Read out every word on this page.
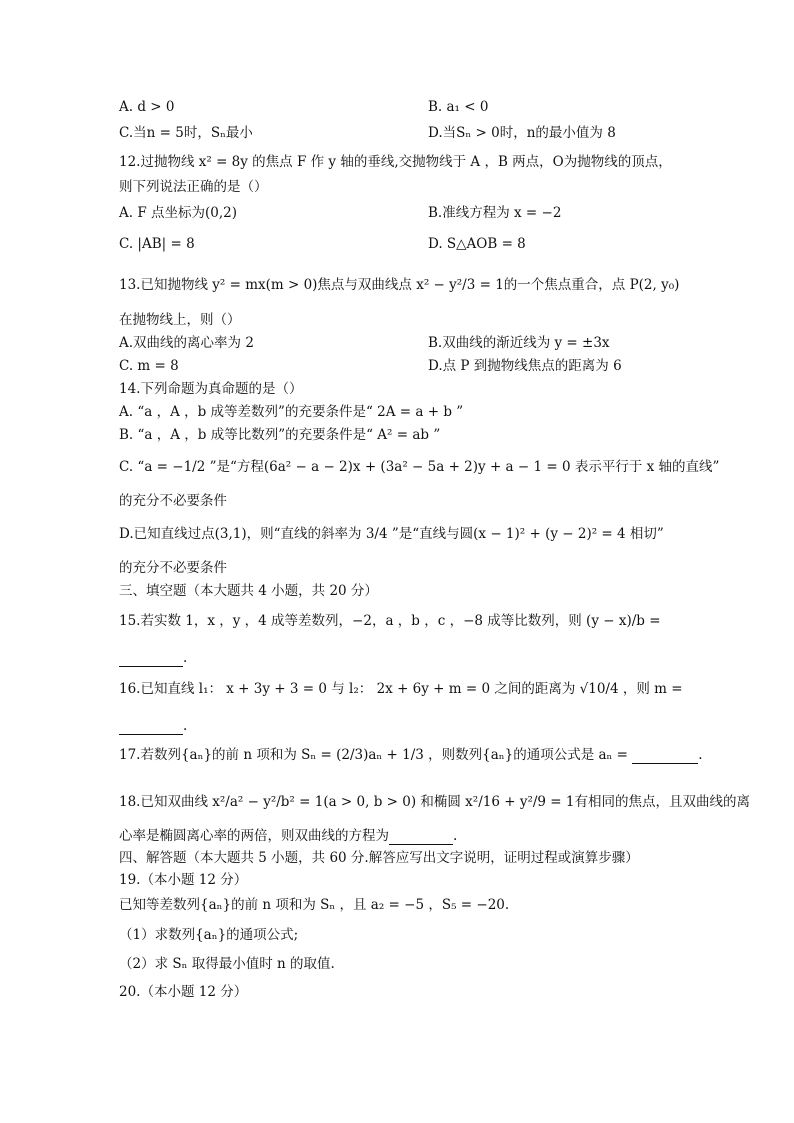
A. d > 0	B. a₁ < 0
C.当n = 5时，Sₙ最小	D.当Sₙ > 0时，n的最小值为 8
12.过抛物线 x² = 8y 的焦点 F 作 y 轴的垂线,交抛物线于 A ，B 两点，O为抛物线的顶点，
则下列说法正确的是（）
A. F 点坐标为(0,2)	B.准线方程为 x = −2
C. |AB| = 8	D. S△AOB = 8
13.已知抛物线 y² = mx(m > 0)焦点与双曲线点 x² − y²/3 = 1的一个焦点重合，点 P(2, y₀)
在抛物线上，则（）
A.双曲线的离心率为 2	B.双曲线的渐近线为 y = ±3x
C. m = 8	D.点 P 到抛物线焦点的距离为 6
14.下列命题为真命题的是（）
A. “a ，A ，b 成等差数列”的充要条件是“ 2A = a + b ”
B. “a ，A ，b 成等比数列”的充要条件是“ A² = ab ”
C. “a = −1/2 ”是“方程(6a² − a − 2)x + (3a² − 5a + 2)y + a − 1 = 0 表示平行于 x 轴的直线”
的充分不必要条件
D.已知直线过点(3,1)，则“直线的斜率为 3/4 ”是“直线与圆(x − 1)² + (y − 2)² = 4 相切”
的充分不必要条件
三、填空题（本大题共 4 小题，共 20 分）
15.若实数 1，x ，y ，4 成等差数列，−2，a ，b ，c ，−8 成等比数列，则 (y − x)/b =
.
16.已知直线 l₁： x + 3y + 3 = 0 与 l₂： 2x + 6y + m = 0 之间的距离为 √10/4 ，则 m =
.
17.若数列{aₙ}的前 n 项和为 Sₙ = (2/3)aₙ + 1/3 ，则数列{aₙ}的通项公式是 aₙ =	.
18.已知双曲线 x²/a² − y²/b² = 1(a > 0, b > 0) 和椭圆 x²/16 + y²/9 = 1有相同的焦点，且双曲线的离
心率是椭圆离心率的两倍，则双曲线的方程为	.
四、解答题（本大题共 5 小题，共 60 分.解答应写出文字说明，证明过程或演算步骤）
19.（本小题 12 分）
已知等差数列{aₙ}的前 n 项和为 Sₙ ，且 a₂ = −5 ，S₅ = −20.
（1）求数列{aₙ}的通项公式;
（2）求 Sₙ 取得最小值时 n 的取值.
20.（本小题 12 分）
